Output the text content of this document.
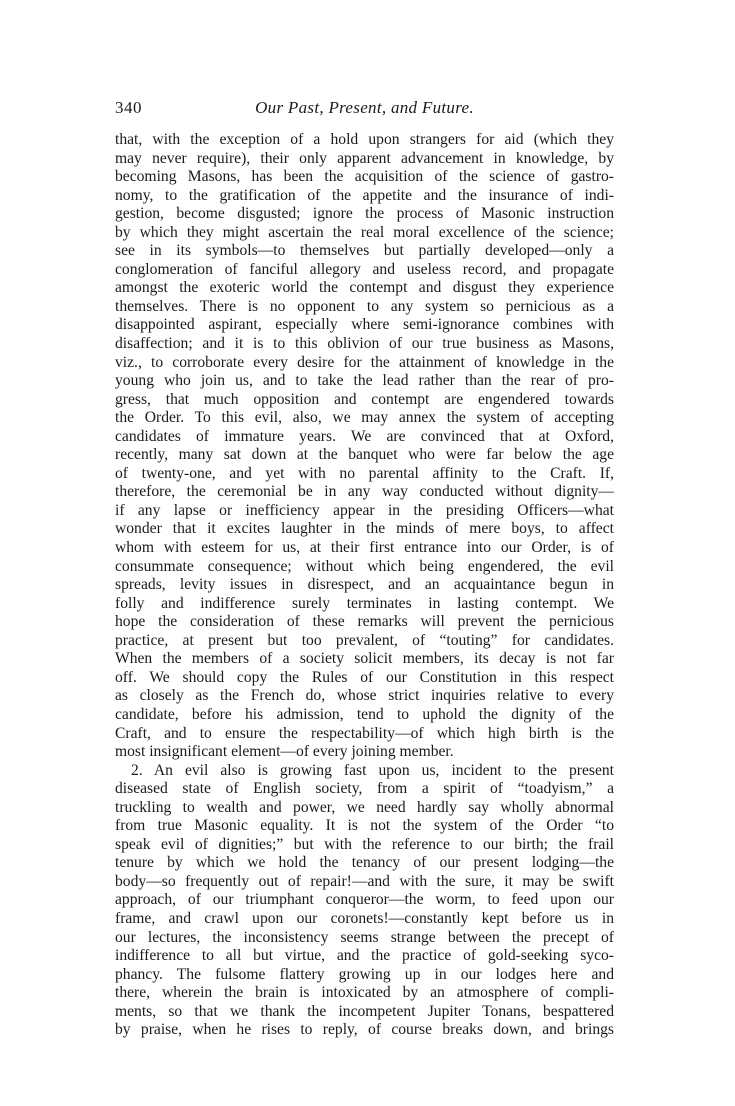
340	Our Past, Present, and Future.
that, with the exception of a hold upon strangers for aid (which they
may never require), their only apparent advancement in knowledge, by
becoming Masons, has been the acquisition of the science of gastro-
nomy, to the gratification of the appetite and the insurance of indi-
gestion, become disgusted; ignore the process of Masonic instruction
by which they might ascertain the real moral excellence of the science;
see in its symbols—to themselves but partially developed—only a
conglomeration of fanciful allegory and useless record, and propagate
amongst the exoteric world the contempt and disgust they experience
themselves. There is no opponent to any system so pernicious as a
disappointed aspirant, especially where semi-ignorance combines with
disaffection; and it is to this oblivion of our true business as Masons,
viz., to corroborate every desire for the attainment of knowledge in the
young who join us, and to take the lead rather than the rear of pro-
gress, that much opposition and contempt are engendered towards
the Order. To this evil, also, we may annex the system of accepting
candidates of immature years. We are convinced that at Oxford,
recently, many sat down at the banquet who were far below the age
of twenty-one, and yet with no parental affinity to the Craft. If,
therefore, the ceremonial be in any way conducted without dignity—
if any lapse or inefficiency appear in the presiding Officers—what
wonder that it excites laughter in the minds of mere boys, to affect
whom with esteem for us, at their first entrance into our Order, is of
consummate consequence; without which being engendered, the evil
spreads, levity issues in disrespect, and an acquaintance begun in
folly and indifference surely terminates in lasting contempt. We
hope the consideration of these remarks will prevent the pernicious
practice, at present but too prevalent, of “touting” for candidates.
When the members of a society solicit members, its decay is not far
off. We should copy the Rules of our Constitution in this respect
as closely as the French do, whose strict inquiries relative to every
candidate, before his admission, tend to uphold the dignity of the
Craft, and to ensure the respectability—of which high birth is the
most insignificant element—of every joining member.
2. An evil also is growing fast upon us, incident to the present
diseased state of English society, from a spirit of “toadyism,” a
truckling to wealth and power, we need hardly say wholly abnormal
from true Masonic equality. It is not the system of the Order “to
speak evil of dignities;” but with the reference to our birth; the frail
tenure by which we hold the tenancy of our present lodging—the
body—so frequently out of repair!—and with the sure, it may be swift
approach, of our triumphant conqueror—the worm, to feed upon our
frame, and crawl upon our coronets!—constantly kept before us in
our lectures, the inconsistency seems strange between the precept of
indifference to all but virtue, and the practice of gold-seeking syco-
phancy. The fulsome flattery growing up in our lodges here and
there, wherein the brain is intoxicated by an atmosphere of compli-
ments, so that we thank the incompetent Jupiter Tonans, bespattered
by praise, when he rises to reply, of course breaks down, and brings
